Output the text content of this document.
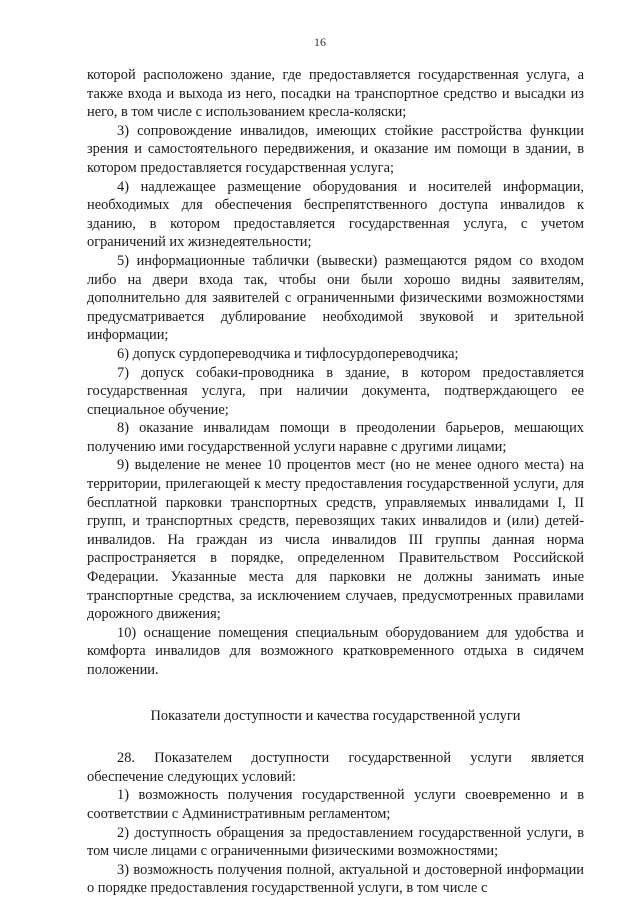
16

которой расположено здание, где предоставляется государственная услуга, а также входа и выхода из него, посадки на транспортное средство и высадки из него, в том числе с использованием кресла-коляски;

3) сопровождение инвалидов, имеющих стойкие расстройства функции зрения и самостоятельного передвижения, и оказание им помощи в здании, в котором предоставляется государственная услуга;

4) надлежащее размещение оборудования и носителей информации, необходимых для обеспечения беспрепятственного доступа инвалидов к зданию, в котором предоставляется государственная услуга, с учетом ограничений их жизнедеятельности;

5) информационные таблички (вывески) размещаются рядом со входом либо на двери входа так, чтобы они были хорошо видны заявителям, дополнительно для заявителей с ограниченными физическими возможностями предусматривается дублирование необходимой звуковой и зрительной информации;

6) допуск сурдопереводчика и тифлосурдопереводчика;

7) допуск собаки-проводника в здание, в котором предоставляется государственная услуга, при наличии документа, подтверждающего ее специальное обучение;

8) оказание инвалидам помощи в преодолении барьеров, мешающих получению ими государственной услуги наравне с другими лицами;

9) выделение не менее 10 процентов мест (но не менее одного места) на территории, прилегающей к месту предоставления государственной услуги, для бесплатной парковки транспортных средств, управляемых инвалидами I, II групп, и транспортных средств, перевозящих таких инвалидов и (или) детей-инвалидов. На граждан из числа инвалидов III группы данная норма распространяется в порядке, определенном Правительством Российской Федерации. Указанные места для парковки не должны занимать иные транспортные средства, за исключением случаев, предусмотренных правилами дорожного движения;

10) оснащение помещения специальным оборудованием для удобства и комфорта инвалидов для возможного кратковременного отдыха в сидячем положении.

Показатели доступности и качества государственной услуги

28. Показателем доступности государственной услуги является обеспечение следующих условий:

1) возможность получения государственной услуги своевременно и в соответствии с Административным регламентом;

2) доступность обращения за предоставлением государственной услуги, в том числе лицами с ограниченными физическими возможностями;

3) возможность получения полной, актуальной и достоверной информации о порядке предоставления государственной услуги, в том числе с
